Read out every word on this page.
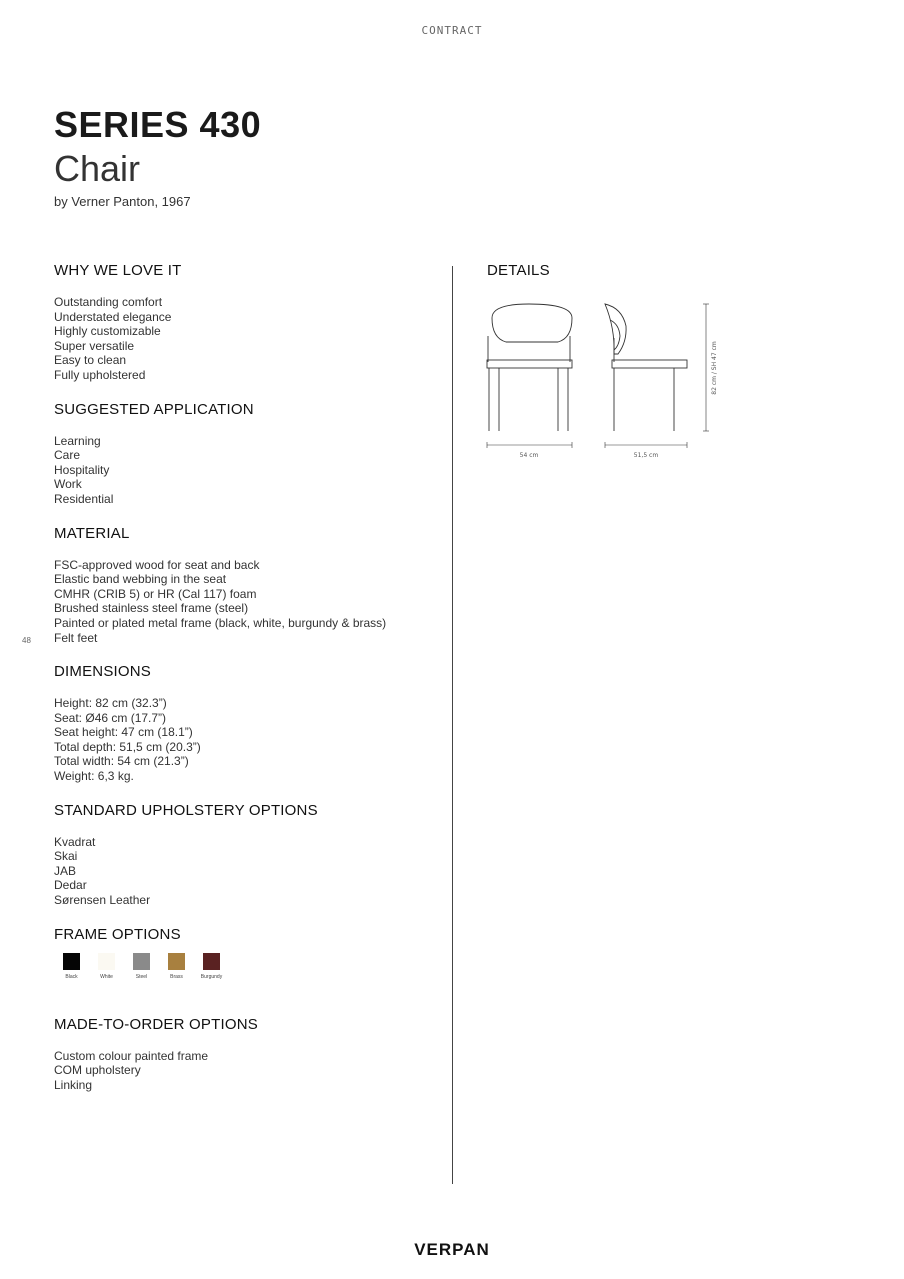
CONTRACT
SERIES 430
Chair
by Verner Panton, 1967
WHY WE LOVE IT
Outstanding comfort
Understated elegance
Highly customizable
Super versatile
Easy to clean
Fully upholstered
SUGGESTED APPLICATION
Learning
Care
Hospitality
Work
Residential
MATERIAL
FSC-approved wood for seat and back
Elastic band webbing in the seat
CMHR (CRIB 5) or HR (Cal 117) foam
Brushed stainless steel frame (steel)
Painted or plated metal frame (black, white, burgundy & brass)
Felt feet
DIMENSIONS
Height: 82 cm (32.3”)
Seat: Ø46 cm (17.7”)
Seat height: 47 cm (18.1”)
Total depth: 51,5 cm (20.3”)
Total width: 54 cm (21.3”)
Weight: 6,3 kg.
STANDARD UPHOLSTERY OPTIONS
Kvadrat
Skai
JAB
Dedar
Sørensen Leather
FRAME OPTIONS
Black	White	Steel	Brass	Burgundy
MADE-TO-ORDER OPTIONS
Custom colour painted frame
COM upholstery
Linking
48
DETAILS
54 cm	51,5 cm
82 cm / SH 47 cm
VERPAN
